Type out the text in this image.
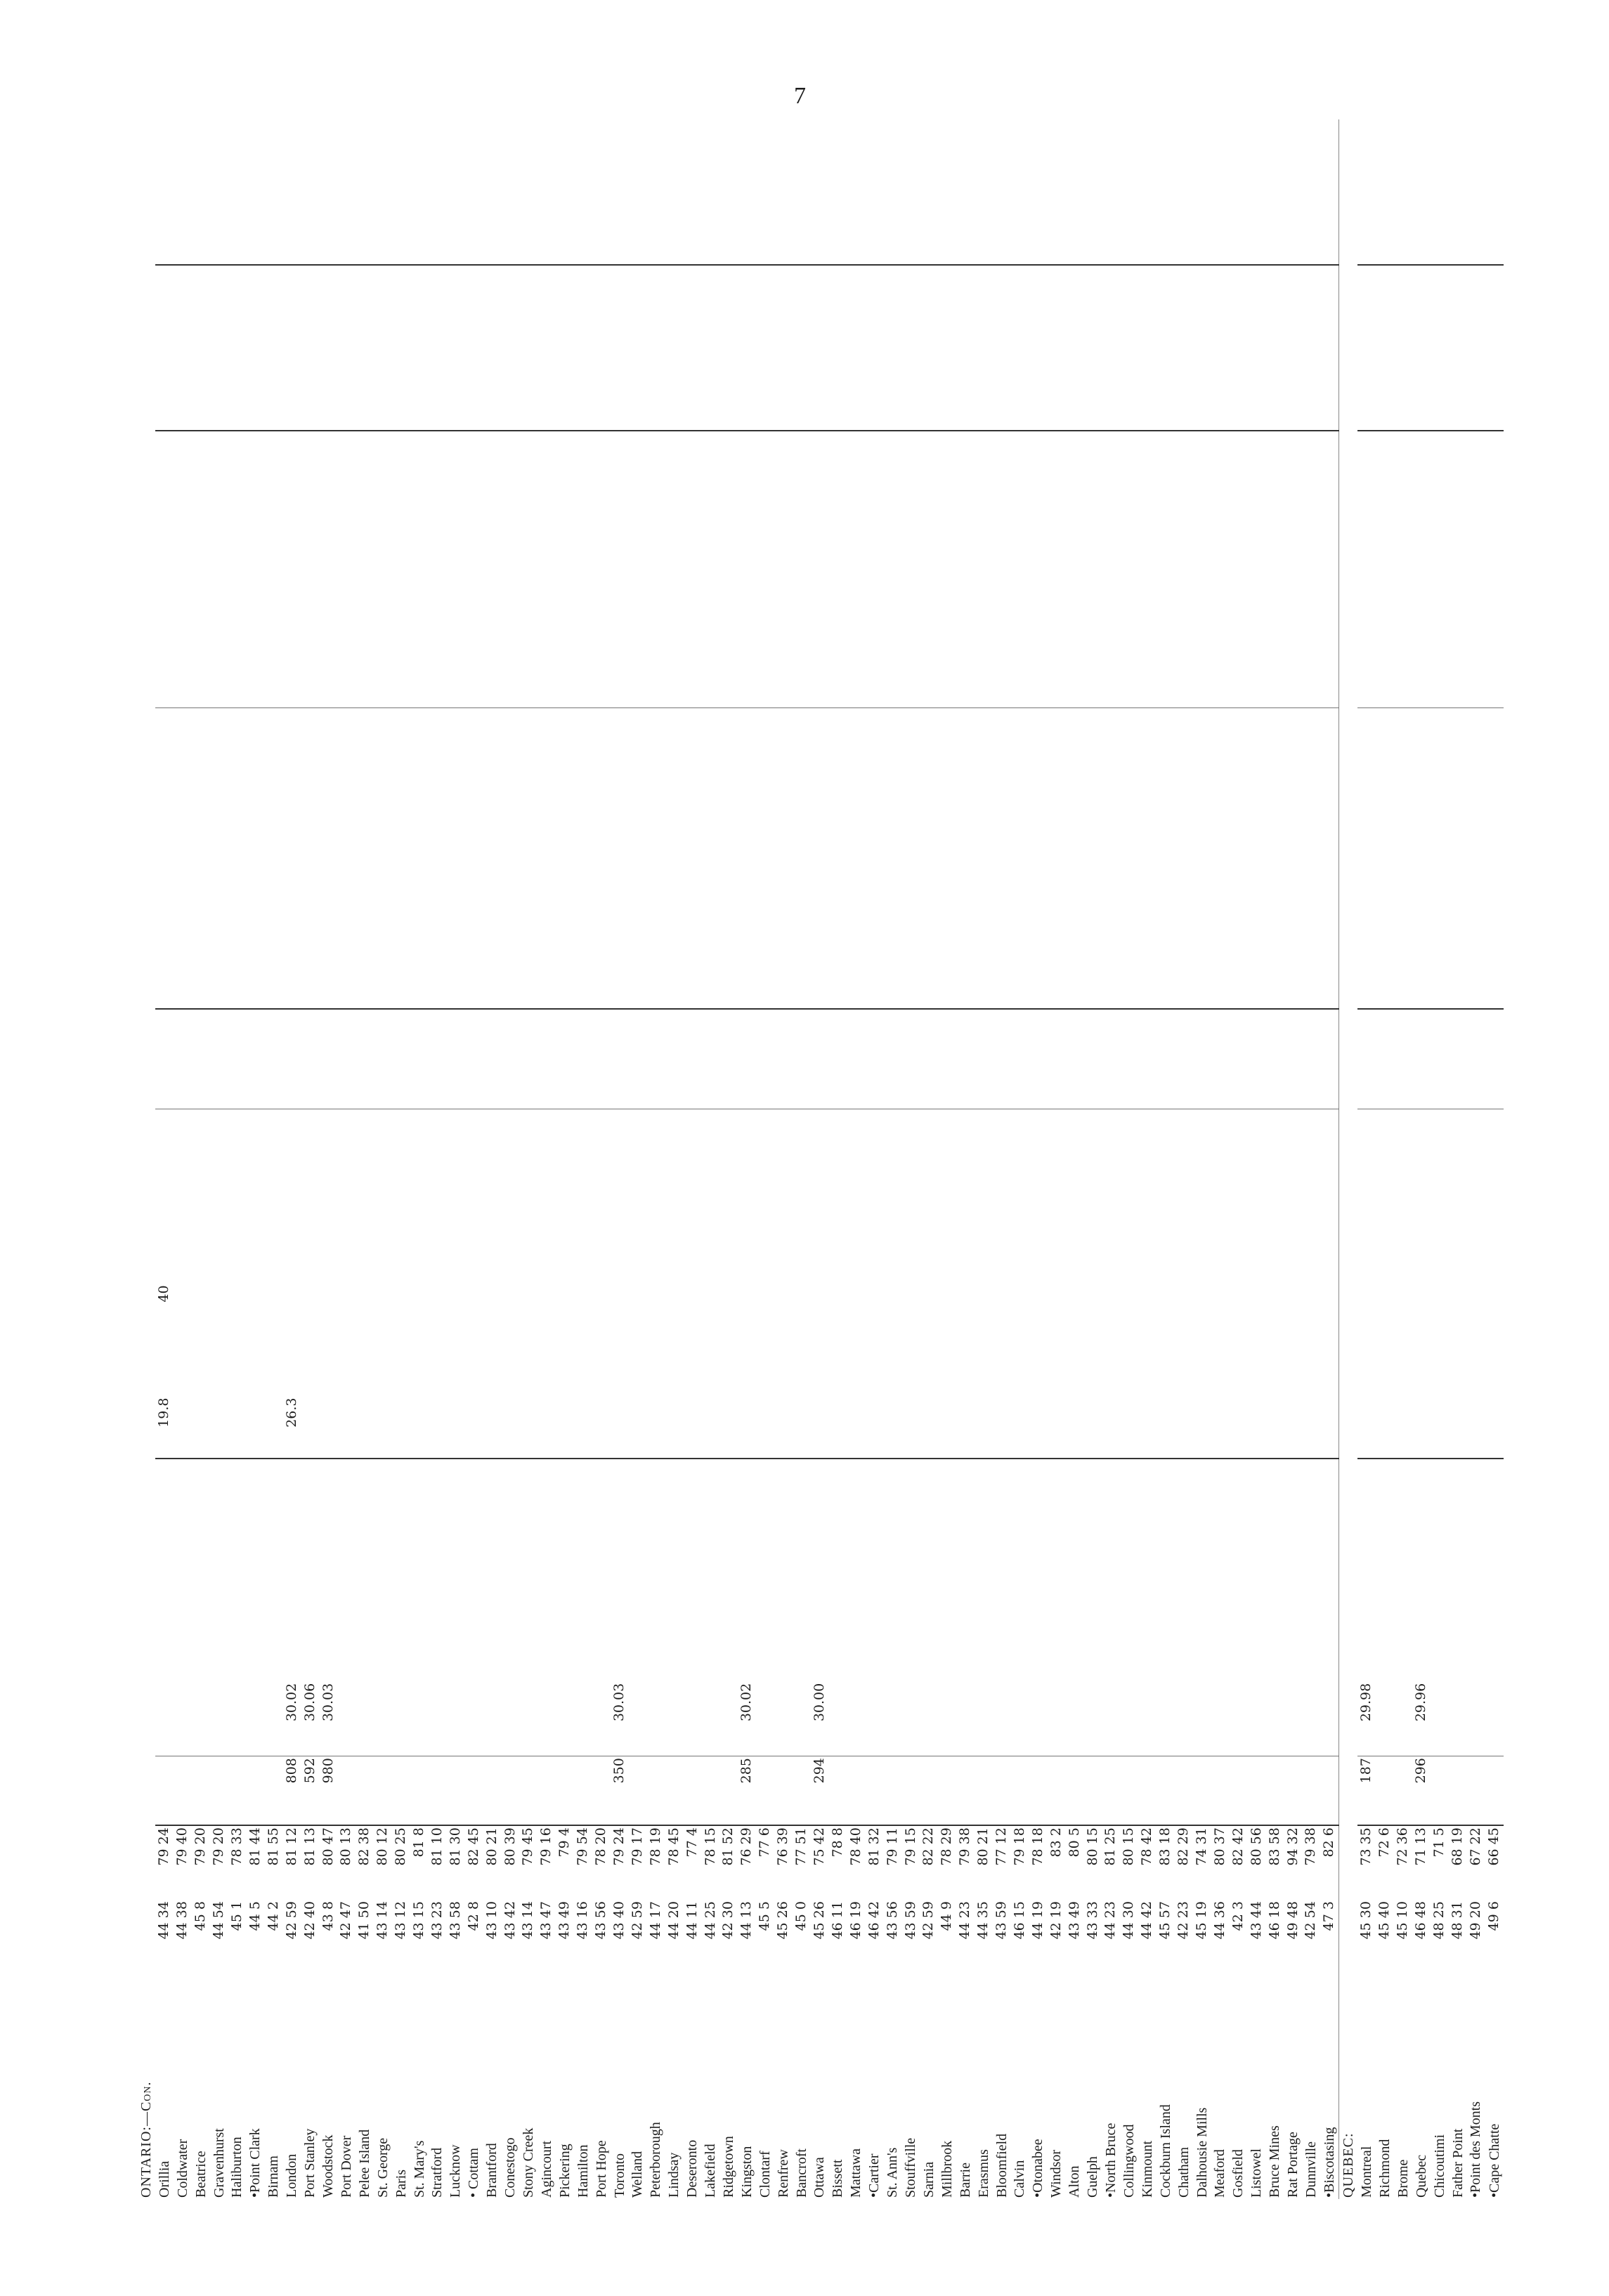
7
ONTARIO:—Con.																																
Orillia	44 34	79 24						19.8		40																						
Coldwater	44 38	79 40																														
Beatrice	45 8	79 20																														
Gravenhurst	44 54	79 20																														
Haliburton	45 1	78 33																														
•Point Clark	44 5	81 44																														
Birnam	44 2	81 55																														
London	42 59	81 12	808	30.02				26.3																								
Port Stanley	42 40	81 13	592	30.06																												
Woodstock	43 8	80 47	980	30.03																												
Port Dover	42 47	80 13																														
Pelee Island	41 50	82 38																														
St. George	43 14	80 12																														
Paris	43 12	80 25																														
St. Mary's	43 15	81 8																														
Stratford	43 23	81 10																														
Lucknow	43 58	81 30																														
• Cottam	42 8	82 45																														
Brantford	43 10	80 21																														
Conestogo	43 42	80 39																														
Stony Creek	43 14	79 45																														
Agincourt	43 47	79 16																														
Pickering	43 49	79 4																														
Hamilton	43 16	79 54																														
Port Hope	43 56	78 20																														
Toronto	43 40	79 24	350	30.03																												
Welland	42 59	79 17																														
Peterborough	44 17	78 19																														
Lindsay	44 20	78 45																														
Deseronto	44 11	77 4																														
Lakefield	44 25	78 15																														
Ridgetown	42 30	81 52																														
Kingston	44 13	76 29	285	30.02																												
Clontarf	45 5	77 6																														
Renfrew	45 26	76 39																														
Bancroft	45 0	77 51																														
Ottawa	45 26	75 42	294	30.00																												
Bissett	46 11	78 8																														
Mattawa	46 19	78 40																														
•Cartier	46 42	81 32																														
St. Ann's	43 56	79 11																														
Stouffville	43 59	79 15																														
Sarnia	42 59	82 22																														
Millbrook	44 9	78 29																														
Barrie	44 23	79 38																														
Erasmus	44 35	80 21																														
Bloomfield	43 59	77 12																														
Calvin	46 15	79 18																														
•Otonabee	44 19	78 18																														
Windsor	42 19	83 2																														
Alton	43 49	80 5																														
Guelph	43 33	80 15																														
•North Bruce	44 23	81 25																														
Collingwood	44 30	80 15																														
Kinmount	44 42	78 42																														
Cockburn Island	45 57	83 18																														
Chatham	42 23	82 29																														
Dalhousie Mills	45 19	74 31																														
Meaford	44 36	80 37																														
Gosfield	42 3	82 42																														
Listowel	43 44	80 56																														
Bruce Mines	46 18	83 58																														
Rat Portage	49 48	94 32																														
Dunnville	42 54	79 38																														
•Biscotasing	47 3	82 6																														
QUEBEC:																																
Montreal	45 30	73 35	187	29.98																												
Richmond	45 40	72 6																														
Brome	45 10	72 36																														
Quebec	46 48	71 13	296	29.96																												
Chicoutimi	48 25	71 5																														
Father Point	48 31	68 19																														
•Point des Monts	49 20	67 22																														
•Cape Chatte	49 6	66 45																														
